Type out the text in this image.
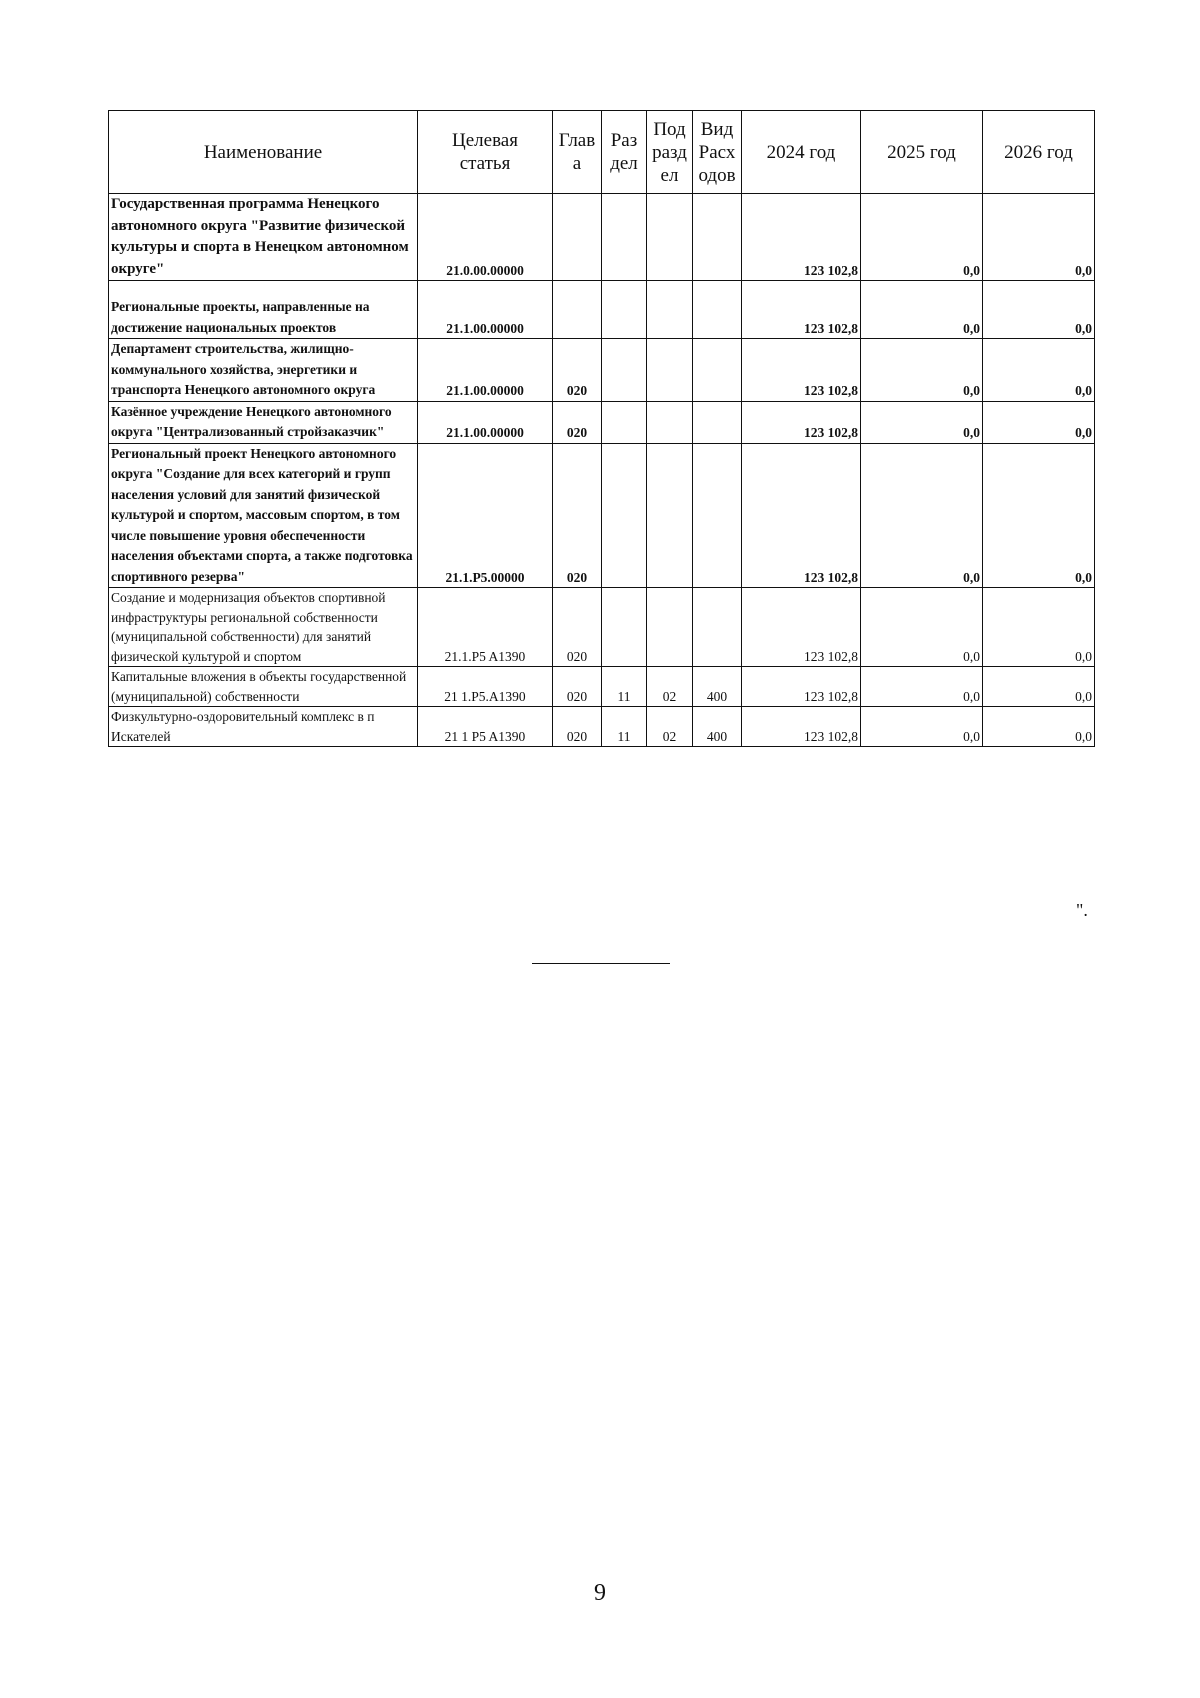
Наименование	Целевая статья	Глав а	Раз дел	Под разд ел	Вид Расх одов	2024 год	2025 год	2026 год
Государственная программа Ненецкого автономного округа "Развитие физической культуры и спорта в Ненецком автономном округе"	21.0.00.00000					123 102,8	0,0	0,0
Региональные проекты, направленные на достижение национальных проектов	21.1.00.00000					123 102,8	0,0	0,0
Департамент строительства, жилищно-коммунального хозяйства, энергетики и транспорта Ненецкого автономного округа	21.1.00.00000	020				123 102,8	0,0	0,0
Казённое учреждение Ненецкого автономного округа "Централизованный стройзаказчик"	21.1.00.00000	020				123 102,8	0,0	0,0
Региональный проект Ненецкого автономного округа "Создание для всех категорий и групп населения условий для занятий физической культурой и спортом, массовым спортом, в том числе повышение уровня обеспеченности населения объектами спорта, а также подготовка спортивного резерва"	21.1.P5.00000	020				123 102,8	0,0	0,0
Создание и модернизация объектов спортивной инфраструктуры региональной собственности (муниципальной собственности) для занятий физической культурой и спортом	21.1.P5 A1390	020				123 102,8	0,0	0,0
Капитальные вложения в объекты государственной (муниципальной) собственности	21 1.P5.A1390	020	11	02	400	123 102,8	0,0	0,0
Физкультурно-оздоровительный комплекс в п Искателей	21 1 P5 A1390	020	11	02	400	123 102,8	0,0	0,0
".
9
